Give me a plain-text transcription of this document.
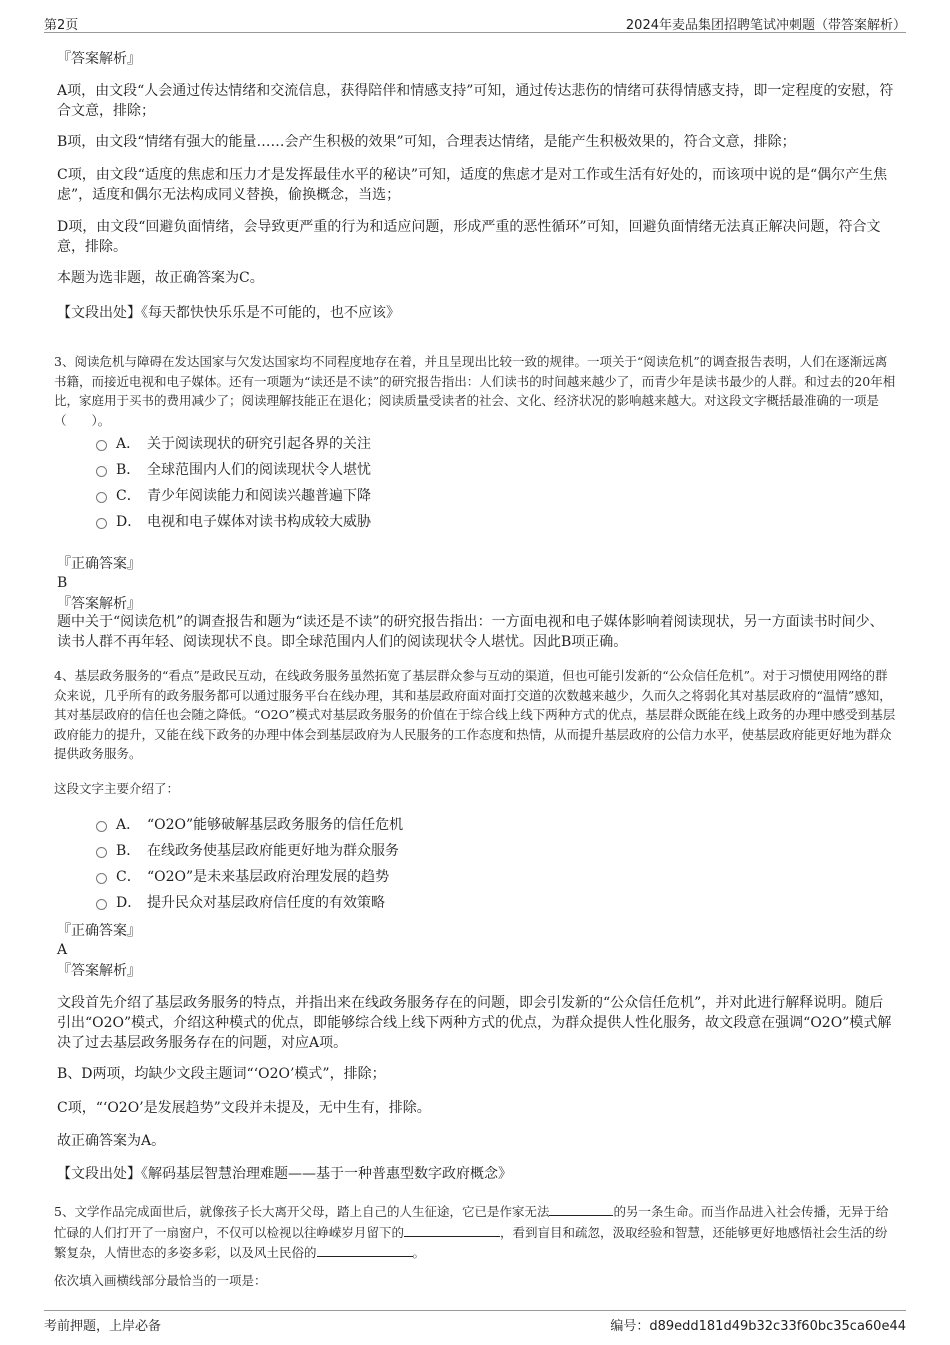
第2页	2024年麦品集团招聘笔试冲刺题（带答案解析）
『答案解析』
A项，由文段“人会通过传达情绪和交流信息，获得陪伴和情感支持”可知，通过传达悲伤的情绪可获得情感支持，即一定程度的安慰，符合文意，排除；
B项，由文段“情绪有强大的能量……会产生积极的效果”可知，合理表达情绪，是能产生积极效果的，符合文意，排除；
C项，由文段“适度的焦虑和压力才是发挥最佳水平的秘诀”可知，适度的焦虑才是对工作或生活有好处的，而该项中说的是“偶尔产生焦虑”，适度和偶尔无法构成同义替换，偷换概念，当选；
D项，由文段“回避负面情绪，会导致更严重的行为和适应问题，形成严重的恶性循环”可知，回避负面情绪无法真正解决问题，符合文意，排除。
本题为选非题，故正确答案为C。
【文段出处】《每天都快快乐乐是不可能的，也不应该》
3、阅读危机与障碍在发达国家与欠发达国家均不同程度地存在着，并且呈现出比较一致的规律。一项关于“阅读危机”的调查报告表明，人们在逐渐远离书籍，而接近电视和电子媒体。还有一项题为“读还是不读”的研究报告指出：人们读书的时间越来越少了，而青少年是读书最少的人群。和过去的20年相比，家庭用于买书的费用减少了；阅读理解技能正在退化；阅读质量受读者的社会、文化、经济状况的影响越来越大。对这段文字概括最准确的一项是（　　）。
A． 关于阅读现状的研究引起各界的关注
B． 全球范围内人们的阅读现状令人堪忧
C． 青少年阅读能力和阅读兴趣普遍下降
D． 电视和电子媒体对读书构成较大威胁
『正确答案』
B
『答案解析』
题中关于“阅读危机”的调查报告和题为“读还是不读”的研究报告指出：一方面电视和电子媒体影响着阅读现状，另一方面读书时间少、读书人群不再年轻、阅读现状不良。即全球范围内人们的阅读现状令人堪忧。因此B项正确。
4、基层政务服务的“看点”是政民互动，在线政务服务虽然拓宽了基层群众参与互动的渠道，但也可能引发新的“公众信任危机”。对于习惯使用网络的群众来说，几乎所有的政务服务都可以通过服务平台在线办理，其和基层政府面对面打交道的次数越来越少，久而久之将弱化其对基层政府的“温情”感知，其对基层政府的信任也会随之降低。“O2O”模式对基层政务服务的价值在于综合线上线下两种方式的优点，基层群众既能在线上政务的办理中感受到基层政府能力的提升，又能在线下政务的办理中体会到基层政府为人民服务的工作态度和热情，从而提升基层政府的公信力水平，使基层政府能更好地为群众提供政务服务。
这段文字主要介绍了：
A． “O2O”能够破解基层政务服务的信任危机
B． 在线政务使基层政府能更好地为群众服务
C． “O2O”是未来基层政府治理发展的趋势
D． 提升民众对基层政府信任度的有效策略
『正确答案』
A
『答案解析』
文段首先介绍了基层政务服务的特点，并指出来在线政务服务存在的问题，即会引发新的“公众信任危机”，并对此进行解释说明。随后引出“O2O”模式，介绍这种模式的优点，即能够综合线上线下两种方式的优点，为群众提供人性化服务，故文段意在强调“O2O”模式解决了过去基层政务服务存在的问题，对应A项。
B、D两项，均缺少文段主题词“‘O2O’模式”，排除；
C项，“‘O2O’是发展趋势”文段并未提及，无中生有，排除。
故正确答案为A。
【文段出处】《解码基层智慧治理难题——基于一种普惠型数字政府概念》
5、文学作品完成面世后，就像孩子长大离开父母，踏上自己的人生征途，它已是作家无法	的另一条生命。而当作品进入社会传播，无异于给忙碌的人们打开了一扇窗户，不仅可以检视以往峥嵘岁月留下的	，看到盲目和疏忽，汲取经验和智慧，还能够更好地感悟社会生活的纷繁复杂，人情世态的多姿多彩，以及风土民俗的	。
依次填入画横线部分最恰当的一项是：
考前押题，上岸必备	编号：d89edd181d49b32c33f60bc35ca60e44
